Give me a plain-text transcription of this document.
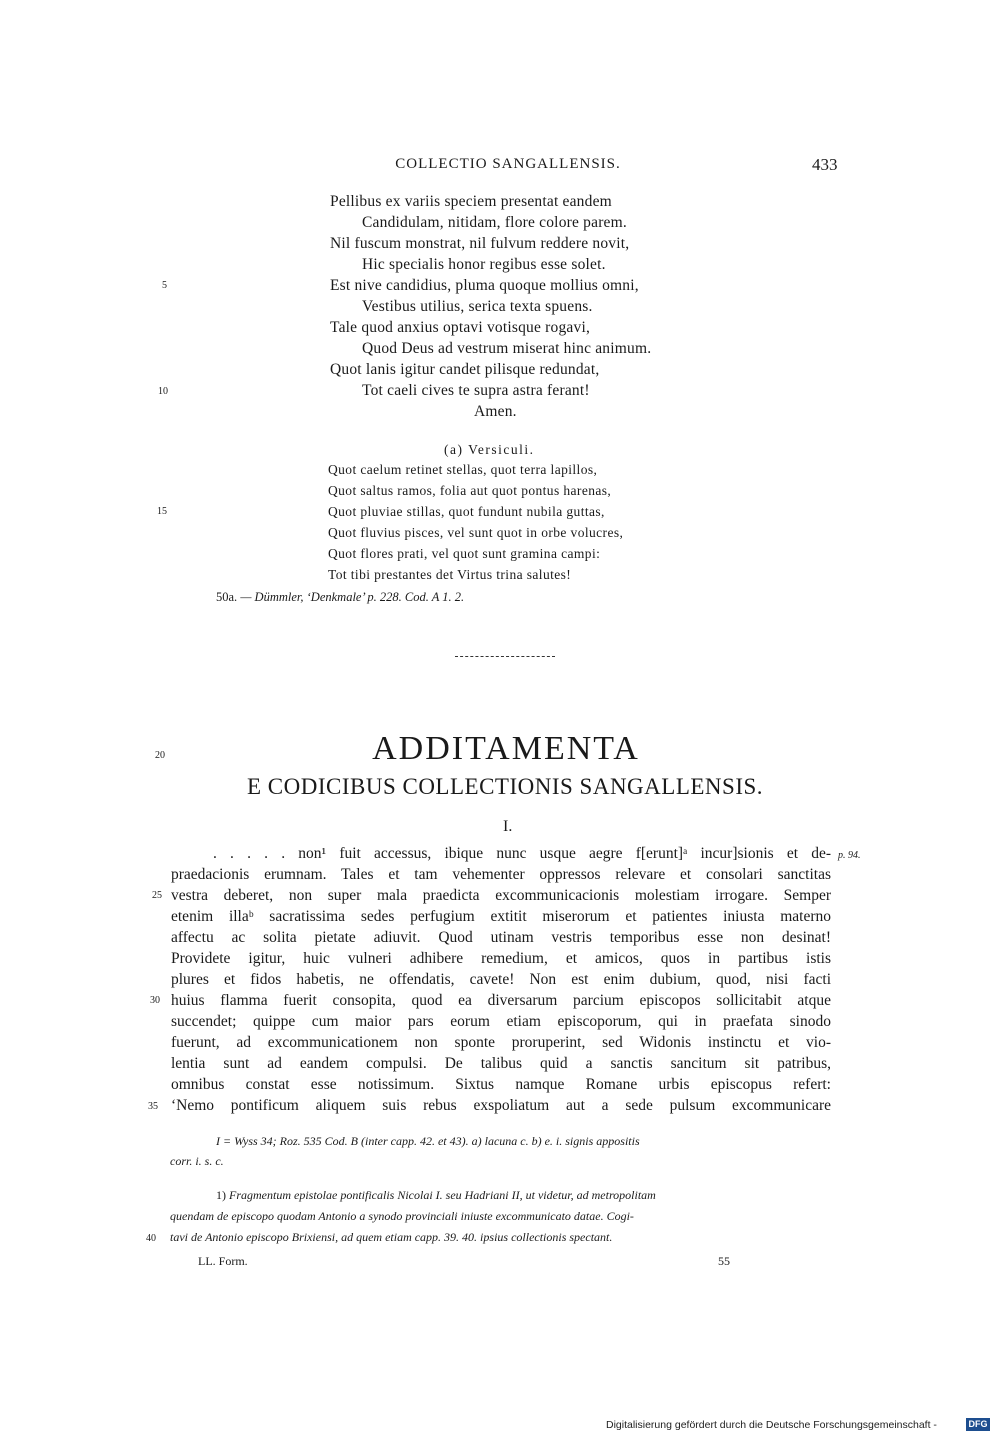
COLLECTIO SANGALLENSIS.	433
Pellibus ex variis speciem presentat eandem
Candidulam, nitidam, flore colore parem.
Nil fuscum monstrat, nil fulvum reddere novit,
Hic specialis honor regibus esse solet.
5	Est nive candidius, pluma quoque mollius omni,
Vestibus utilius, serica texta spuens.
Tale quod anxius optavi votisque rogavi,
Quod Deus ad vestrum miserat hinc animum.
Quot lanis igitur candet pilisque redundat,
10	Tot caeli cives te supra astra ferant!
Amen.
(a) Versiculi.
Quot caelum retinet stellas, quot terra lapillos,
Quot saltus ramos, folia aut quot pontus harenas,
15	Quot pluviae stillas, quot fundunt nubila guttas,
Quot fluvius pisces, vel sunt quot in orbe volucres,
Quot flores prati, vel quot sunt gramina campi:
Tot tibi prestantes det Virtus trina salutes!
50a. — Dümmler, ‘Denkmale’ p. 228. Cod. A 1. 2.
20	ADDITAMENTA
E CODICIBUS COLLECTIONIS SANGALLENSIS.
I.
. . . . . non¹ fuit accessus, ibique nunc usque aegre f[erunt]ᵃ incur]sionis et de- p. 94.
praedacionis erumnam. Tales et tam vehementer oppressos relevare et consolari sanctitas
25 vestra deberet, non super mala praedicta excommunicacionis molestiam irrogare. Semper
etenim illaᵇ sacratissima sedes perfugium extitit miserorum et patientes iniusta materno
affectu ac solita pietate adiuvit. Quod utinam vestris temporibus esse non desinat!
Providete igitur, huic vulneri adhibere remedium, et amicos, quos in partibus istis
plures et fidos habetis, ne offendatis, cavete! Non est enim dubium, quod, nisi facti
30 huius flamma fuerit consopita, quod ea diversarum parcium episcopos sollicitabit atque
succendet; quippe cum maior pars eorum etiam episcoporum, qui in praefata sinodo
fuerunt, ad excommunicationem non sponte proruperint, sed Widonis instinctu et vio-
lentia sunt ad eandem compulsi. De talibus quid a sanctis sancitum sit patribus,
omnibus constat esse notissimum. Sixtus namque Romane urbis episcopus refert:
35 ‘Nemo pontificum aliquem suis rebus exspoliatum aut a sede pulsum excommunicare
I = Wyss 34; Roz. 535 Cod. B (inter capp. 42. et 43). a) lacuna c. b) e. i. signis appositis
corr. i. s. c.
1) Fragmentum epistolae pontificalis Nicolai I. seu Hadriani II, ut videtur, ad metropolitam
quendam de episcopo quodam Antonio a synodo provinciali iniuste excommunicato datae. Cogi-
40 tavi de Antonio episcopo Brixiensi, ad quem etiam capp. 39. 40. ipsius collectionis spectant.
LL. Form.	55
Digitalisierung gefördert durch die Deutsche Forschungsgemeinschaft -	DFG
